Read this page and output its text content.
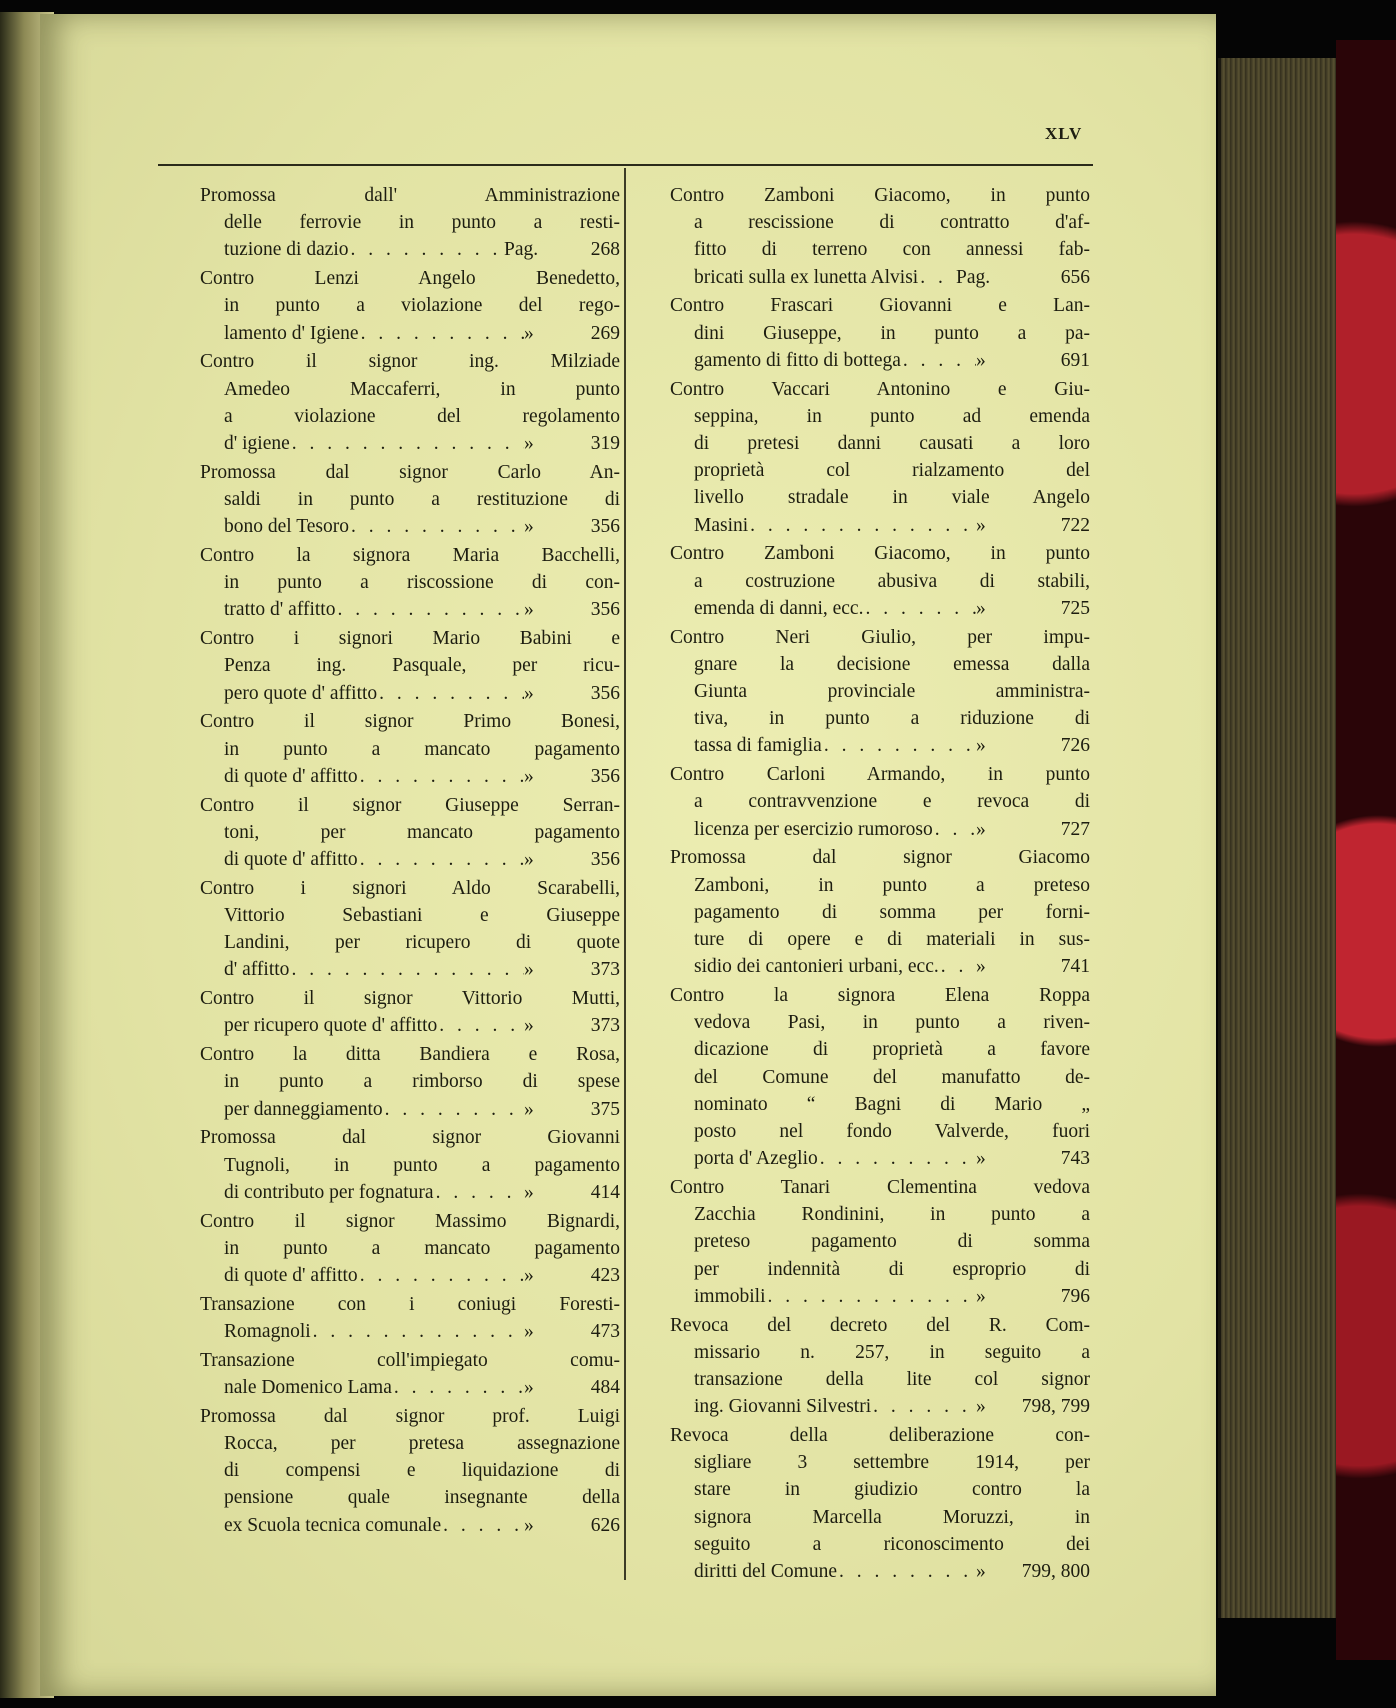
XLV
Promossa dall' Amministrazione
delle ferrovie in punto a resti-
tuzione di dazio . . .	Pag.	268
Contro Lenzi Angelo Benedetto,
in punto a violazione del rego-
lamento d' Igiene . . .	»	269
Contro il signor ing. Milziade
Amedeo Maccaferri, in punto
a violazione del regolamento
d' igiene . . .	»	319
Promossa dal signor Carlo An-
saldi in punto a restituzione di
bono del Tesoro . . .	»	356
Contro la signora Maria Bacchelli,
in punto a riscossione di con-
tratto d' affitto . . .	»	356
Contro i signori Mario Babini e
Penza ing. Pasquale, per ricu-
pero quote d' affitto . . .	»	356
Contro il signor Primo Bonesi,
in punto a mancato pagamento
di quote d' affitto . . .	»	356
Contro il signor Giuseppe Serran-
toni, per mancato pagamento
di quote d' affitto . . .	»	356
Contro i signori Aldo Scarabelli,
Vittorio Sebastiani e Giuseppe
Landini, per ricupero di quote
d' affitto . . .	»	373
Contro il signor Vittorio Mutti,
per ricupero quote d' affitto . . .	»	373
Contro la ditta Bandiera e Rosa,
in punto a rimborso di spese
per danneggiamento . . .	»	375
Promossa dal signor Giovanni
Tugnoli, in punto a pagamento
di contributo per fognatura . . .	»	414
Contro il signor Massimo Bignardi,
in punto a mancato pagamento
di quote d' affitto . . .	»	423
Transazione con i coniugi Foresti-
Romagnoli . . .	»	473
Transazione coll'impiegato comu-
nale Domenico Lama . . .	»	484
Promossa dal signor prof. Luigi
Rocca, per pretesa assegnazione
di compensi e liquidazione di
pensione quale insegnante della
ex Scuola tecnica comunale . . .	»	626
Contro Zamboni Giacomo, in punto
a rescissione di contratto d'af-
fitto di terreno con annessi fab-
bricati sulla ex lunetta Alvisi . . . Pag.	656
Contro Frascari Giovanni e Lan-
dini Giuseppe, in punto a pa-
gamento di fitto di bottega . . .	»	691
Contro Vaccari Antonino e Giu-
seppina, in punto ad emenda
di pretesi danni causati a loro
proprietà col rialzamento del
livello stradale in viale Angelo
Masini . . .	»	722
Contro Zamboni Giacomo, in punto
a costruzione abusiva di stabili,
emenda di danni, ecc. . . .	»	725
Contro Neri Giulio, per impu-
gnare la decisione emessa dalla
Giunta provinciale amministra-
tiva, in punto a riduzione di
tassa di famiglia . . .	»	726
Contro Carloni Armando, in punto
a contravvenzione e revoca di
licenza per esercizio rumoroso . . . »	727
Promossa dal signor Giacomo
Zamboni, in punto a preteso
pagamento di somma per forni-
ture di opere e di materiali in sus-
sidio dei cantonieri urbani, ecc. . . . »	741
Contro la signora Elena Roppa
vedova Pasi, in punto a riven-
dicazione di proprietà a favore
del Comune del manufatto de-
nominato “ Bagni di Mario „
posto nel fondo Valverde, fuori
porta d' Azeglio . . .	»	743
Contro Tanari Clementina vedova
Zacchia Rondinini, in punto a
preteso pagamento di somma
per indennità di esproprio di
immobili . . .	»	796
Revoca del decreto del R. Com-
missario n. 257, in seguito a
transazione della lite col signor
ing. Giovanni Silvestri . . .	»	798, 799
Revoca della deliberazione con-
sigliare 3 settembre 1914, per
stare in giudizio contro la
signora Marcella Moruzzi, in
seguito a riconoscimento dei
diritti del Comune . . .	»	799, 800
